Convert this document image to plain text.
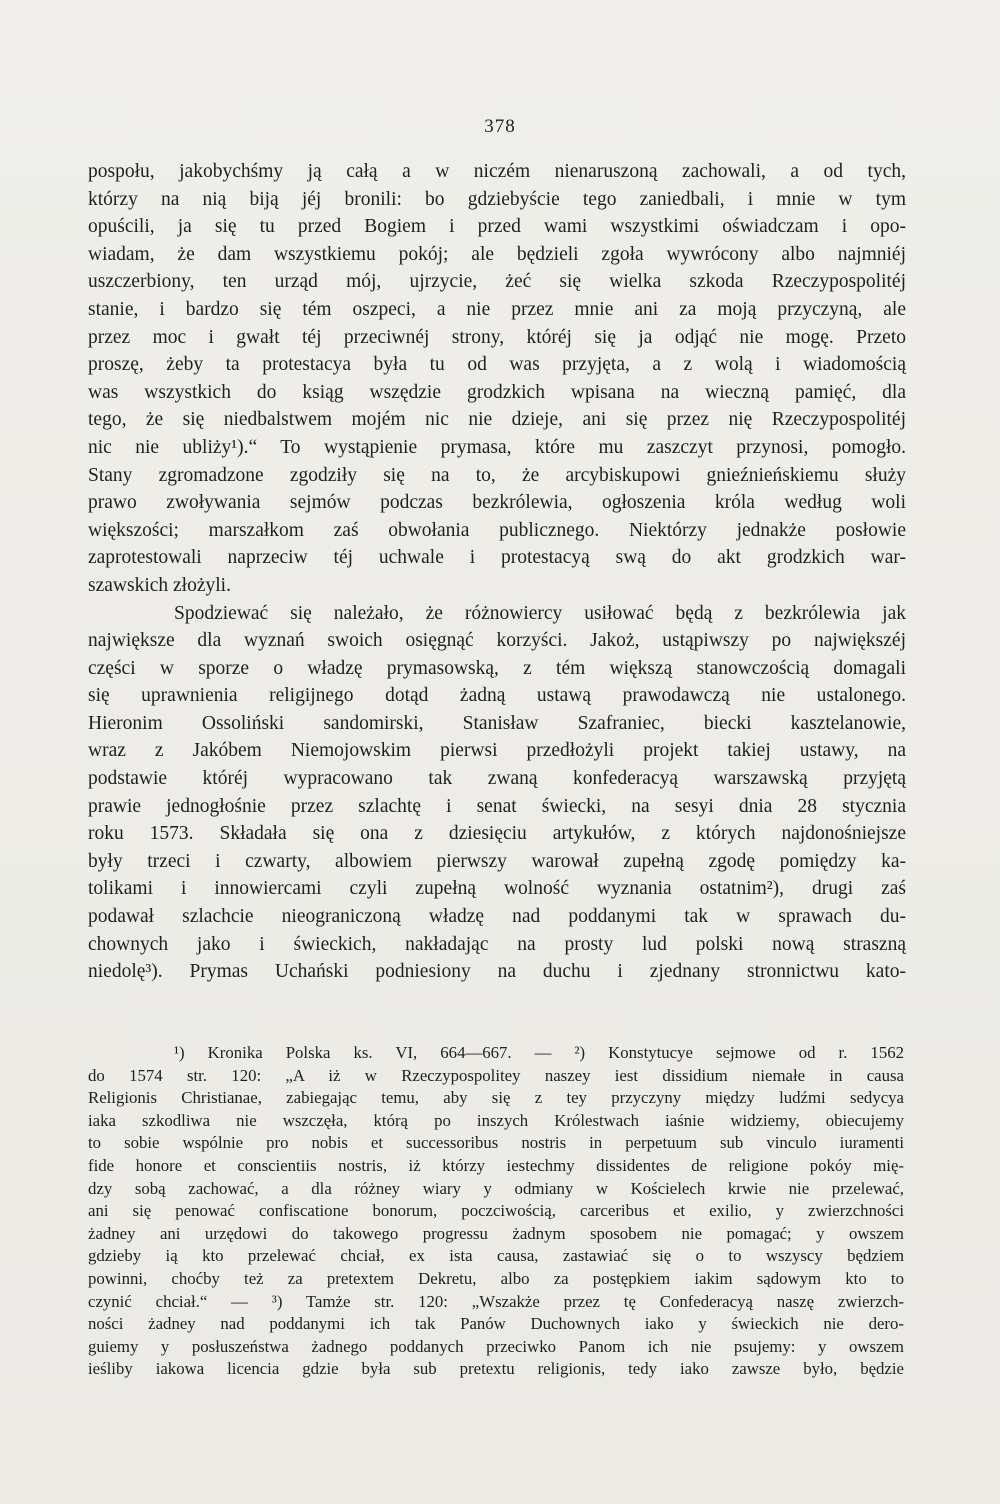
378
pospołu, jakobychśmy ją całą a w niczém nienaruszoną zachowali, a od tych,
którzy na nią biją jéj bronili: bo gdziebyście tego zaniedbali, i mnie w tym
opuścili, ja się tu przed Bogiem i przed wami wszystkimi oświadczam i opo-
wiadam, że dam wszystkiemu pokój; ale będzieli zgoła wywrócony albo najmniéj
uszczerbiony, ten urząd mój, ujrzycie, żeć się wielka szkoda Rzeczypospolitéj
stanie, i bardzo się tém oszpeci, a nie przez mnie ani za moją przyczyną, ale
przez moc i gwałt téj przeciwnéj strony, któréj się ja odjąć nie mogę. Przeto
proszę, żeby ta protestacya była tu od was przyjęta, a z wolą i wiadomością
was wszystkich do ksiąg wszędzie grodzkich wpisana na wieczną pamięć, dla
tego, że się niedbalstwem mojém nic nie dzieje, ani się przez nię Rzeczypospolitéj
nic nie ubliży¹).“ To wystąpienie prymasa, które mu zaszczyt przynosi, pomogło.
Stany zgromadzone zgodziły się na to, że arcybiskupowi gnieźnieńskiemu służy
prawo zwoływania sejmów podczas bezkrólewia, ogłoszenia króla według woli
większości; marszałkom zaś obwołania publicznego. Niektórzy jednakże posłowie
zaprotestowali naprzeciw téj uchwale i protestacyą swą do akt grodzkich war-
szawskich złożyli.
Spodziewać się należało, że różnowiercy usiłować będą z bezkrólewia jak
największe dla wyznań swoich osięgnąć korzyści. Jakoż, ustąpiwszy po największéj
części w sporze o władzę prymasowską, z tém większą stanowczością domagali
się uprawnienia religijnego dotąd żadną ustawą prawodawczą nie ustalonego.
Hieronim Ossoliński sandomirski, Stanisław Szafraniec, biecki kasztelanowie,
wraz z Jakóbem Niemojowskim pierwsi przedłożyli projekt takiej ustawy, na
podstawie któréj wypracowano tak zwaną konfederacyą warszawską przyjętą
prawie jednogłośnie przez szlachtę i senat świecki, na sesyi dnia 28 stycznia
roku 1573. Składała się ona z dziesięciu artykułów, z których najdonośniejsze
były trzeci i czwarty, albowiem pierwszy warował zupełną zgodę pomiędzy ka-
tolikami i innowiercami czyli zupełną wolność wyznania ostatnim²), drugi zaś
podawał szlachcie nieograniczoną władzę nad poddanymi tak w sprawach du-
chownych jako i świeckich, nakładając na prosty lud polski nową straszną
niedolę³). Prymas Uchański podniesiony na duchu i zjednany stronnictwu kato-
¹) Kronika Polska ks. VI, 664—667. — ²) Konstytucye sejmowe od r. 1562
do 1574 str. 120: „A iż w Rzeczypospolitey naszey iest dissidium niemałe in causa
Religionis Christianae, zabiegając temu, aby się z tey przyczyny między ludźmi sedycya
iaka szkodliwa nie wszczęła, którą po inszych Królestwach iaśnie widziemy, obiecujemy
to sobie wspólnie pro nobis et successoribus nostris in perpetuum sub vinculo iuramenti
fide honore et conscientiis nostris, iż którzy iestechmy dissidentes de religione pokóy mię-
dzy sobą zachować, a dla różney wiary y odmiany w Kościelech krwie nie przelewać,
ani się penować confiscatione bonorum, poczciwością, carceribus et exilio, y zwierzchności
żadney ani urzędowi do takowego progressu żadnym sposobem nie pomagać; y owszem
gdzieby ią kto przelewać chciał, ex ista causa, zastawiać się o to wszyscy będziem
powinni, choćby też za pretextem Dekretu, albo za postępkiem iakim sądowym kto to
czynić chciał.“ — ³) Tamże str. 120: „Wszakże przez tę Confederacyą naszę zwierzch-
ności żadney nad poddanymi ich tak Panów Duchownych iako y świeckich nie dero-
guiemy y posłuszeństwa żadnego poddanych przeciwko Panom ich nie psujemy: y owszem
ieśliby iakowa licencia gdzie była sub pretextu religionis, tedy iako zawsze było, będzie
